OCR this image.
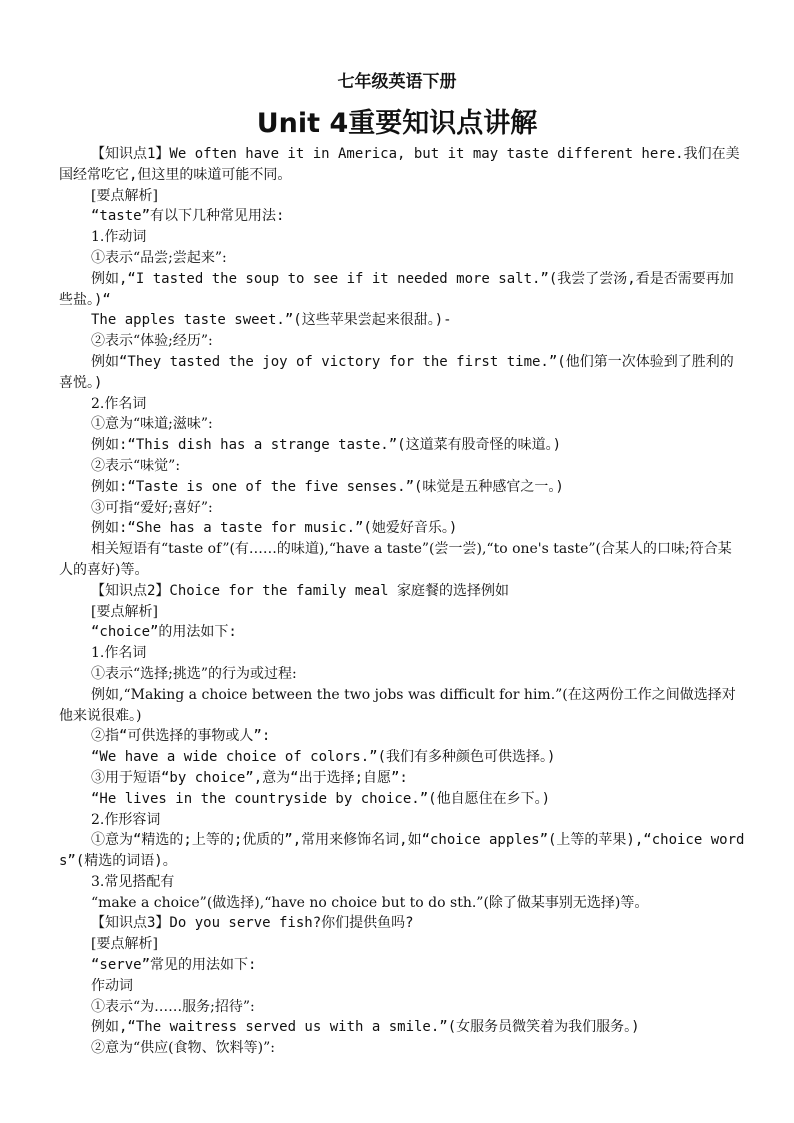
七年级英语下册
Unit 4重要知识点讲解

【知识点1】We often have it in America, but it may taste different here.我们在美国经常吃它,但这里的味道可能不同。

[要点解析]

“taste”有以下几种常见用法:

1.作动词

①表示“品尝;尝起来”:

例如,“I tasted the soup to see if it needed more salt.”(我尝了尝汤,看是否需要再加些盐。)“

The apples taste sweet.”(这些苹果尝起来很甜。)-

②表示“体验;经历”:

例如“They tasted the joy of victory for the first time.”(他们第一次体验到了胜利的喜悦。)

2.作名词

①意为“味道;滋味”:

例如:“This dish has a strange taste.”(这道菜有股奇怪的味道。)

②表示“味觉”:

例如:“Taste is one of the five senses.”(味觉是五种感官之一。)

③可指“爱好;喜好”:

例如:“She has a taste for music.”(她爱好音乐。)

相关短语有“taste of”(有……的味道),“have a taste”(尝一尝),“to one's taste”(合某人的口味;符合某人的喜好)等。

【知识点2】Choice for the family meal 家庭餐的选择例如

[要点解析]

“choice”的用法如下:

1.作名词

①表示“选择;挑选”的行为或过程:

例如,“Making a choice between the two jobs was difficult for him.”(在这两份工作之间做选择对他来说很难。)

②指“可供选择的事物或人”:

“We have a wide choice of colors.”(我们有多种颜色可供选择。)

③用于短语“by choice”,意为“出于选择;自愿”:

“He lives in the countryside by choice.”(他自愿住在乡下。)

2.作形容词

①意为“精选的;上等的;优质的”,常用来修饰名词,如“choice apples”(上等的苹果),“choice words”(精选的词语)。

3.常见搭配有

“make a choice”(做选择),“have no choice but to do sth.”(除了做某事别无选择)等。

【知识点3】Do you serve fish?你们提供鱼吗?

[要点解析]

“serve”常见的用法如下:

作动词

①表示“为……服务;招待”:

例如,“The waitress served us with a smile.”(女服务员微笑着为我们服务。)

②意为“供应(食物、饮料等)”:
